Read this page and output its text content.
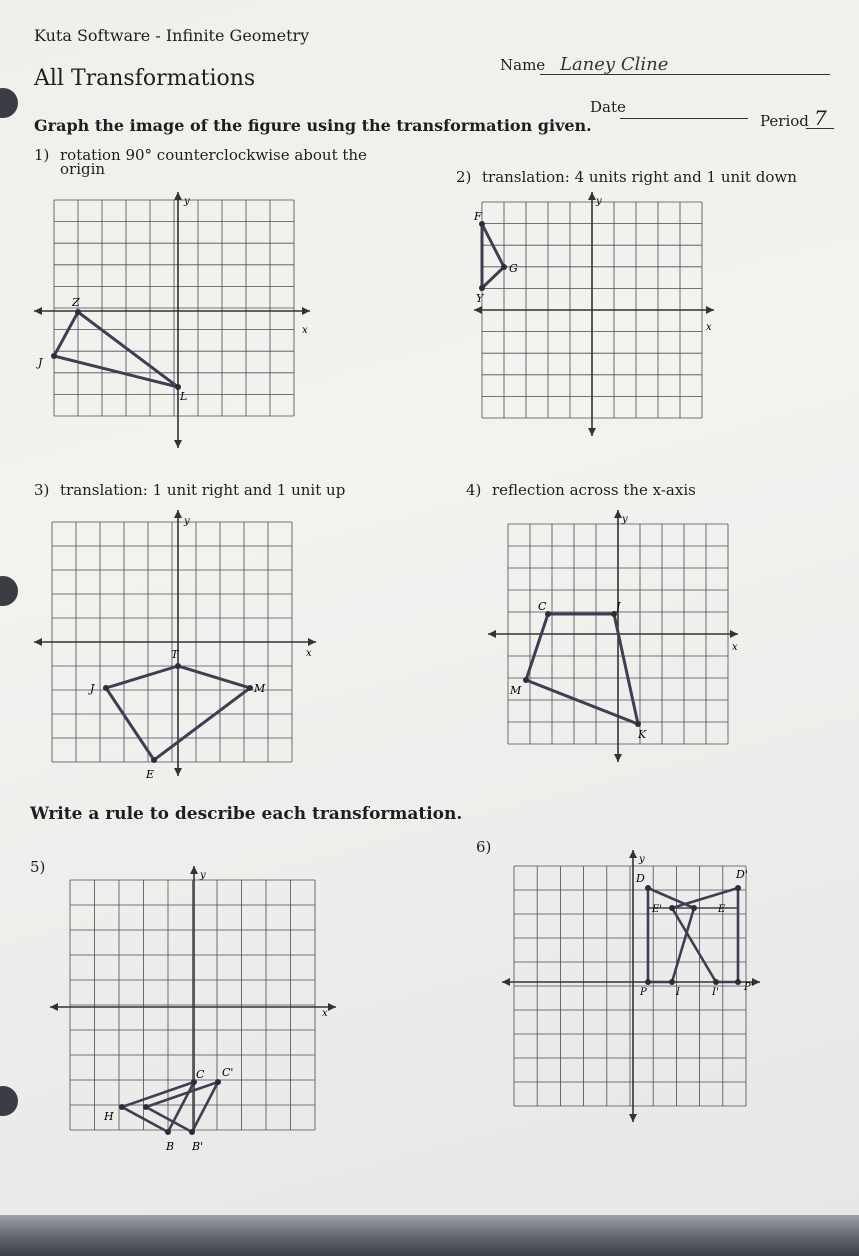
Kuta Software - Infinite Geometry
All Transformations
Name Laney Cline
Date
Period 7
Graph the image of the figure using the transformation given.
1) rotation 90° counterclockwise about the
origin	2) translation: 4 units right and 1 unit down
3) translation: 1 unit right and 1 unit up	4) reflection across the x-axis
Write a rule to describe each transformation.
5)
6)
y
x
Z
J
L
y
x
F
G
Y
y
x
T
J	M
E
y
x
C	J
M
K
y
x
C C'
H
B B'
y
D	D'
E'	E
P	I	I'	P'
